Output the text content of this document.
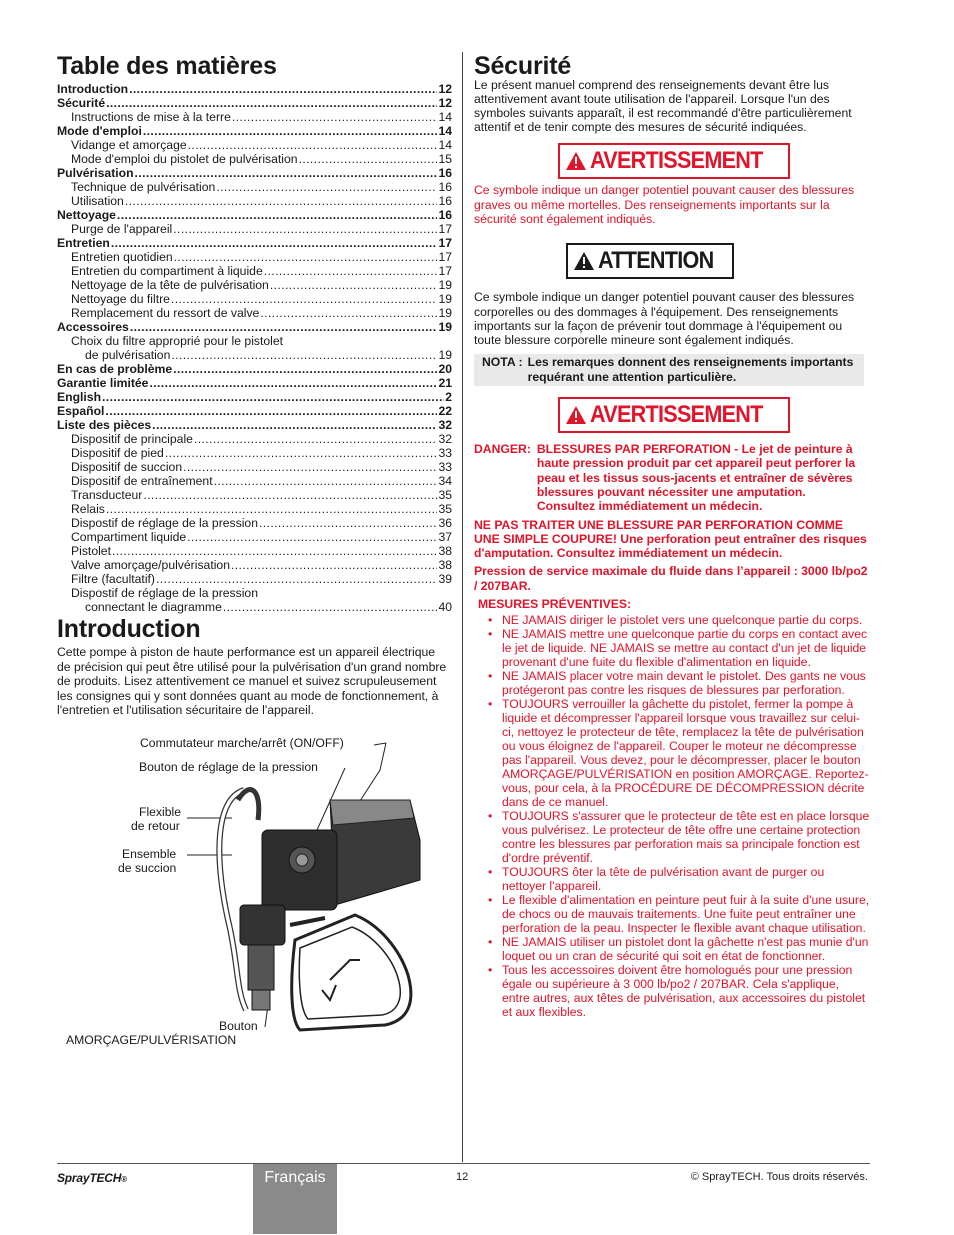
Table des matières
Introduction .....	12
Sécurité .....	12
Instructions de mise à la terre .....	14
Mode d'emploi .....	14
Vidange et amorçage .....	14
Mode d'emploi du pistolet de pulvérisation .....	15
Pulvérisation .....	16
Technique de pulvérisation .....	16
Utilisation .....	16
Nettoyage .....	16
Purge de l'appareil .....	17
Entretien .....	17
Entretien quotidien .....	17
Entretien du compartiment à liquide .....	17
Nettoyage de la tête de pulvérisation .....	19
Nettoyage du filtre .....	19
Remplacement du ressort de valve .....	19
Accessoires .....	19
Choix du filtre approprié pour le pistolet
de pulvérisation .....	19
En cas de problème .....	20
Garantie limitée .....	21
English .....	2
Español .....	22
Liste des pièces .....	32
Dispositif de principale .....	32
Dispositif de pied .....	33
Dispositif de succion .....	33
Dispositif de entraînement .....	34
Transducteur .....	35
Relais .....	35
Dispostif de réglage de la pression .....	36
Compartiment liquide .....	37
Pistolet .....	38
Valve amorçage/pulvérisation .....	38
Filtre (facultatif) .....	39
Dispostif de réglage de la pression
connectant le diagramme .....	40
Introduction

Cette pompe à piston de haute performance est un appareil électrique de précision qui peut être utilisé pour la pulvérisation d'un grand nombre de produits. Lisez attentivement ce manuel et suivez scrupuleusement les consignes qui y sont données quant au mode de fonctionnement, à l'entretien et l'utilisation sécuritaire de l'appareil.

Commutateur marche/arrêt (ON/OFF)
Bouton de réglage de la pression
Flexible
de retour
Ensemble
de succion
Bouton
AMORÇAGE/PULVÉRISATION
Sécurité

Le présent manuel comprend des renseignements devant être lus attentivement avant toute utilisation de l'appareil. Lorsque l'un des symboles suivants apparaît, il est recommandé d'être particulièrement attentif et de tenir compte des mesures de sécurité indiquées.

AVERTISSEMENT

Ce symbole indique un danger potentiel pouvant causer des blessures graves ou même mortelles. Des renseignements importants sur la sécurité sont également indiqués.

ATTENTION

Ce symbole indique un danger potentiel pouvant causer des blessures corporelles ou des dommages à l'équipement. Des renseignements importants sur la façon de prévenir tout dommage à l'équipement ou toute blessure corporelle mineure sont également indiqués.

NOTA : Les remarques donnent des renseignements importants requérant une attention particulière.
AVERTISSEMENT
DANGER: BLESSURES PAR PERFORATION - Le jet de peinture à haute pression produit par cet appareil peut perforer la peau et les tissus sous-jacents et entraîner de sévères blessures pouvant nécessiter une amputation. Consultez immédiatement un médecin.

NE PAS TRAITER UNE BLESSURE PAR PERFORATION COMME UNE SIMPLE COUPURE! Une perforation peut entraîner des risques d'amputation. Consultez immédiatement un médecin.

Pression de service maximale du fluide dans l’appareil : 3000 lb/po2 / 207BAR.

MESURES PRÉVENTIVES:

• NE JAMAIS diriger le pistolet vers une quelconque partie du corps.
• NE JAMAIS mettre une quelconque partie du corps en contact avec le jet de liquide. NE JAMAIS se mettre au contact d'un jet de liquide provenant d'une fuite du flexible d'alimentation en liquide.
• NE JAMAIS placer votre main devant le pistolet. Des gants ne vous protégeront pas contre les risques de blessures par perforation.
• TOUJOURS verrouiller la gâchette du pistolet, fermer la pompe à liquide et décompresser l'appareil lorsque vous travaillez sur celui-ci, nettoyez le protecteur de tête, remplacez la tête de pulvérisation ou vous éloignez de l'appareil. Couper le moteur ne décompresse pas l'appareil. Vous devez, pour le décompresser, placer le bouton AMORÇAGE/PULVÉRISATION en position AMORÇAGE. Reportez-vous, pour cela, à la PROCÉDURE DE DÉCOMPRESSION décrite dans de ce manuel.
• TOUJOURS s'assurer que le protecteur de tête est en place lorsque vous pulvérisez. Le protecteur de tête offre une certaine protection contre les blessures par perforation mais sa principale fonction est d'ordre préventif.
• TOUJOURS ôter la tête de pulvérisation avant de purger ou nettoyer l'appareil.
• Le flexible d'alimentation en peinture peut fuir à la suite d'une usure, de chocs ou de mauvais traitements. Une fuite peut entraîner une perforation de la peau. Inspecter le flexible avant chaque utilisation.
• NE JAMAIS utiliser un pistolet dont la gâchette n'est pas munie d'un loquet ou un cran de sécurité qui soit en état de fonctionner.
• Tous les accessoires doivent être homologués pour une pression égale ou supérieure à 3 000 lb/po2 / 207BAR. Cela s'applique, entre autres, aux têtes de pulvérisation, aux accessoires du pistolet et aux flexibles.
SprayTECH®	Français	12	© SprayTECH. Tous droits réservés.
